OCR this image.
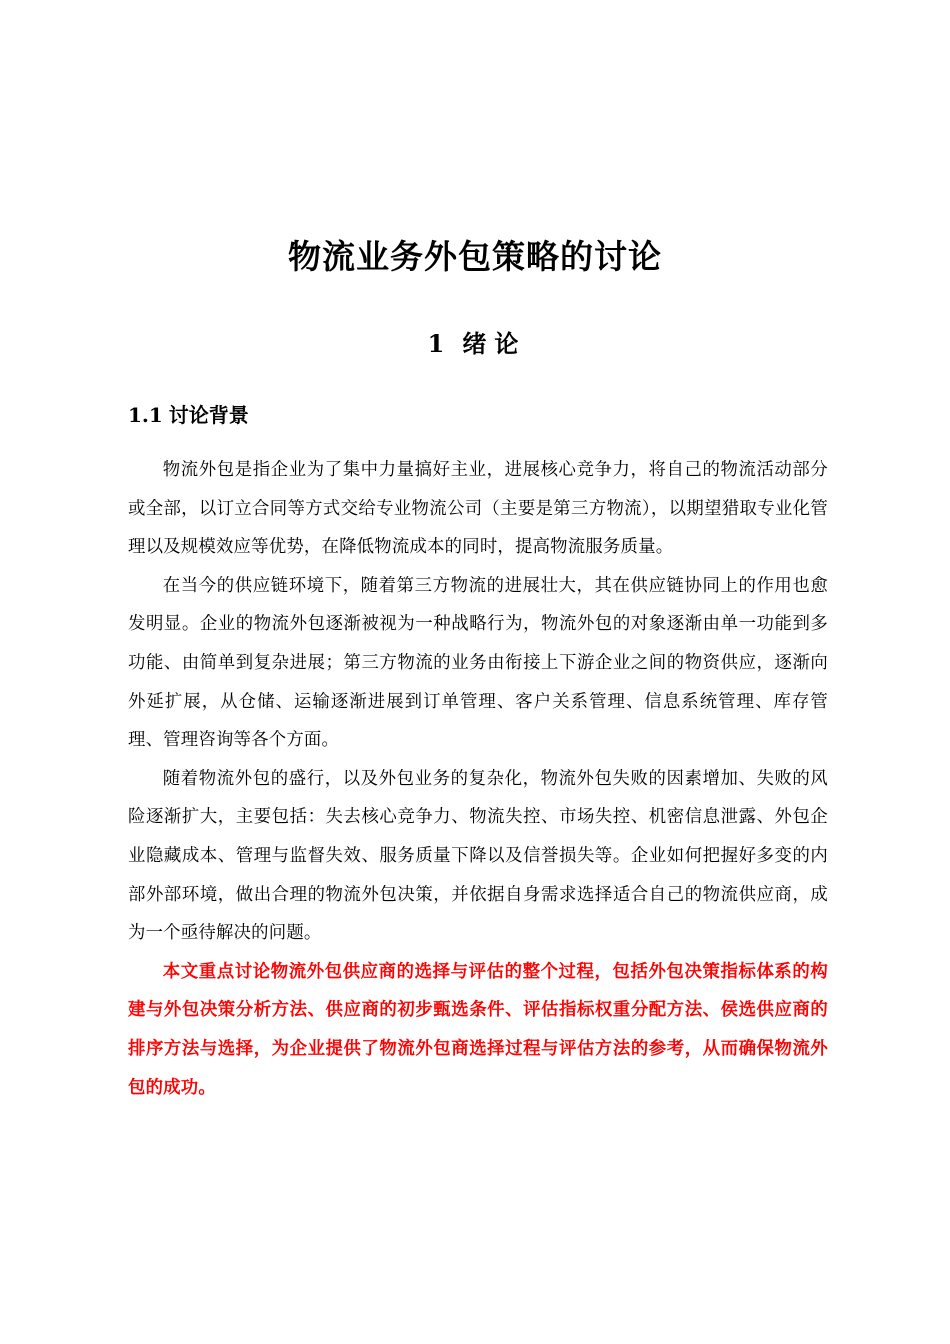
物流业务外包策略的讨论
1 绪 论
1.1 讨论背景

物流外包是指企业为了集中力量搞好主业，进展核心竞争力，将自己的物流活动部分或全部，以订立合同等方式交给专业物流公司（主要是第三方物流），以期望猎取专业化管理以及规模效应等优势，在降低物流成本的同时，提高物流服务质量。

在当今的供应链环境下，随着第三方物流的进展壮大，其在供应链协同上的作用也愈发明显。企业的物流外包逐渐被视为一种战略行为，物流外包的对象逐渐由单一功能到多功能、由简单到复杂进展；第三方物流的业务由衔接上下游企业之间的物资供应，逐渐向外延扩展，从仓储、运输逐渐进展到订单管理、客户关系管理、信息系统管理、库存管理、管理咨询等各个方面。

随着物流外包的盛行，以及外包业务的复杂化，物流外包失败的因素增加、失败的风险逐渐扩大，主要包括：失去核心竞争力、物流失控、市场失控、机密信息泄露、外包企业隐藏成本、管理与监督失效、服务质量下降以及信誉损失等。企业如何把握好多变的内部外部环境，做出合理的物流外包决策，并依据自身需求选择适合自己的物流供应商，成为一个亟待解决的问题。

本文重点讨论物流外包供应商的选择与评估的整个过程，包括外包决策指标体系的构建与外包决策分析方法、供应商的初步甄选条件、评估指标权重分配方法、侯选供应商的排序方法与选择，为企业提供了物流外包商选择过程与评估方法的参考，从而确保物流外包的成功。
